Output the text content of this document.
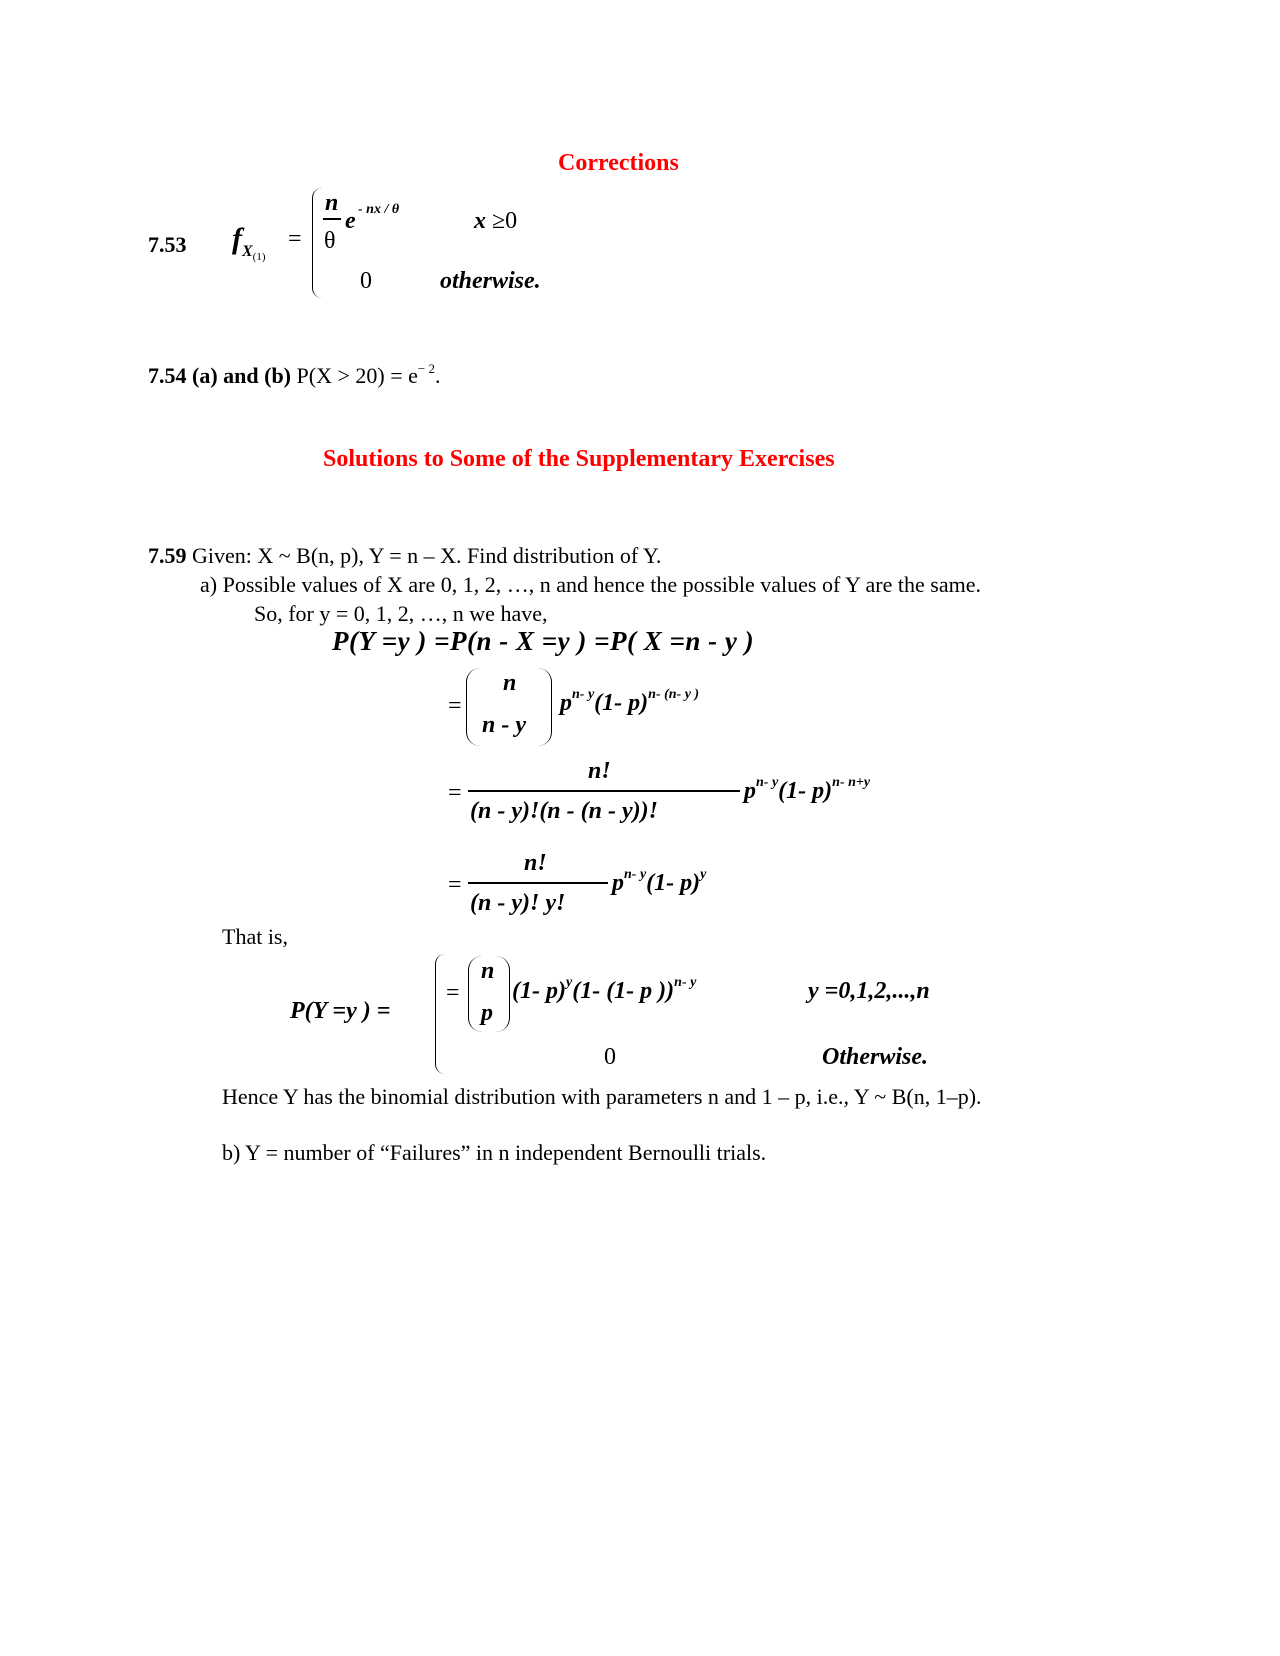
Corrections
Solutions to Some of the Supplementary Exercises
7.53 $f_{X(1)}$
=
n
θ
e - nx / θ	x ≥0
0	otherwise.
7.54 (a) and (b) $P(X > 20) = e^{- 2}$.
7.59 Given: X ~ B(n, p), Y = n – X. Find distribution of Y.
a) Possible values of X are 0, 1, 2, …, n and hence the possible values of Y are the same.
So, for y = 0, 1, 2, …, n we have,
P(Y =y ) =P(n - X =y ) =P( X =n - y )
=
n
n - y
$p^{n- y}(1-$ p)$^{n- (n- y )}$
=
n!
(n - y)!(n - (n - y))!
$p^{n- y}(1-$ p)$^{n- n+y}$
=
n!
(n - y)! y!
$p^{n- y}(1-$ p)$^y$
That is,
P(Y =y ) =
=
n
p
(1- p)$^y$(1- (1- p ))$^{n- y}$	y =0,1,2,...,n
0	Otherwise.
Hence Y has the binomial distribution with parameters n and 1 – p, i.e., Y ~ B(n, 1–p).
b) Y = number of “Failures” in n independent Bernoulli trials.
